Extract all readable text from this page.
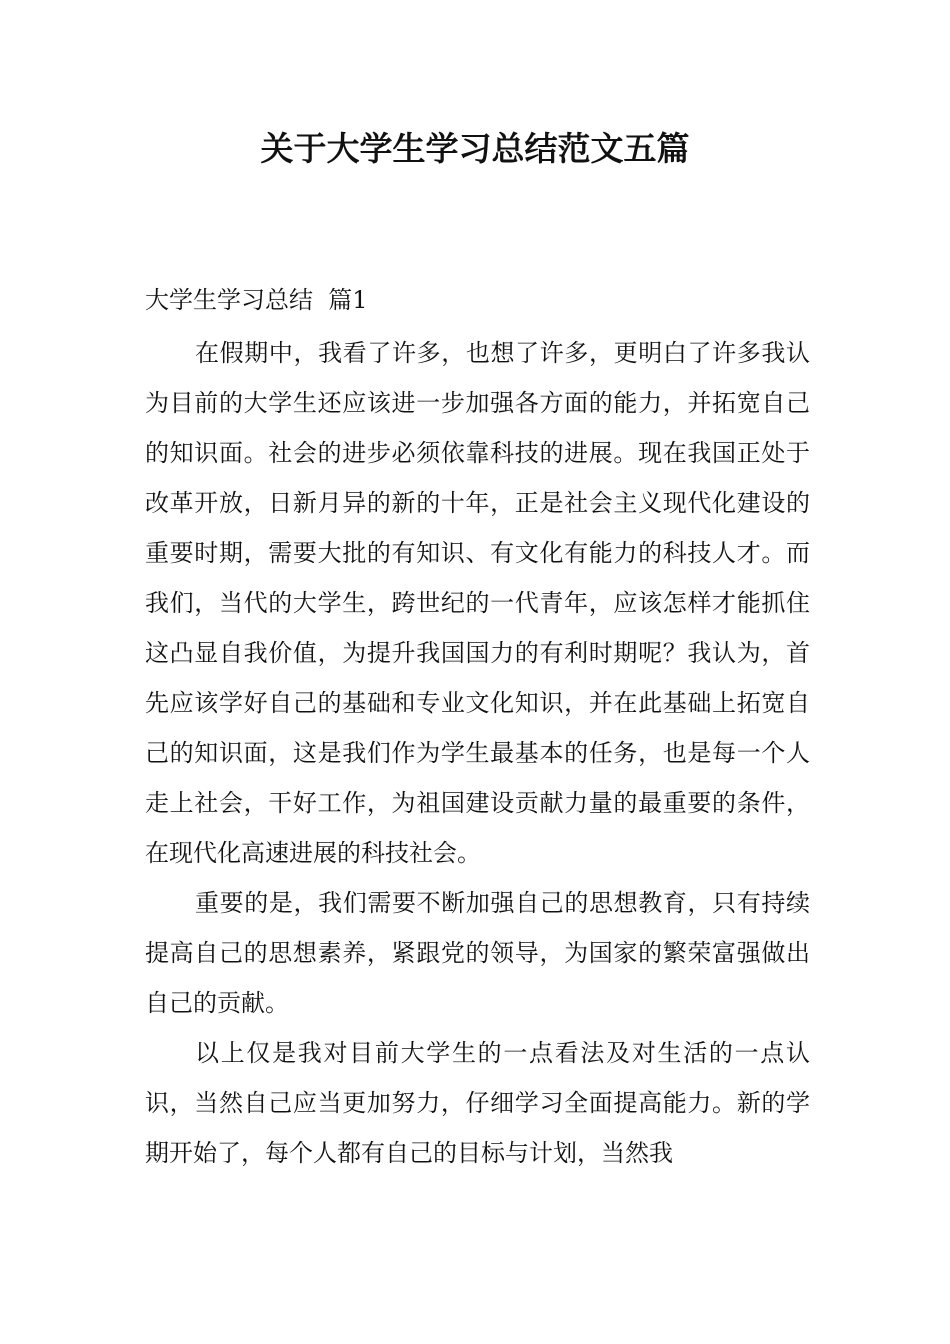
关于大学生学习总结范文五篇
大学生学习总结  篇1

在假期中，我看了许多，也想了许多，更明白了许多我认为目前的大学生还应该进一步加强各方面的能力，并拓宽自己的知识面。社会的进步必须依靠科技的进展。现在我国正处于改革开放，日新月异的新的十年，正是社会主义现代化建设的重要时期，需要大批的有知识、有文化有能力的科技人才。而我们，当代的大学生，跨世纪的一代青年，应该怎样才能抓住这凸显自我价值，为提升我国国力的有利时期呢？我认为，首先应该学好自己的基础和专业文化知识，并在此基础上拓宽自己的知识面，这是我们作为学生最基本的任务，也是每一个人走上社会，干好工作，为祖国建设贡献力量的最重要的条件，在现代化高速进展的科技社会。

重要的是，我们需要不断加强自己的思想教育，只有持续提高自己的思想素养，紧跟党的领导，为国家的繁荣富强做出自己的贡献。

以上仅是我对目前大学生的一点看法及对生活的一点认识，当然自己应当更加努力，仔细学习全面提高能力。新的学期开始了，每个人都有自己的目标与计划，当然我
